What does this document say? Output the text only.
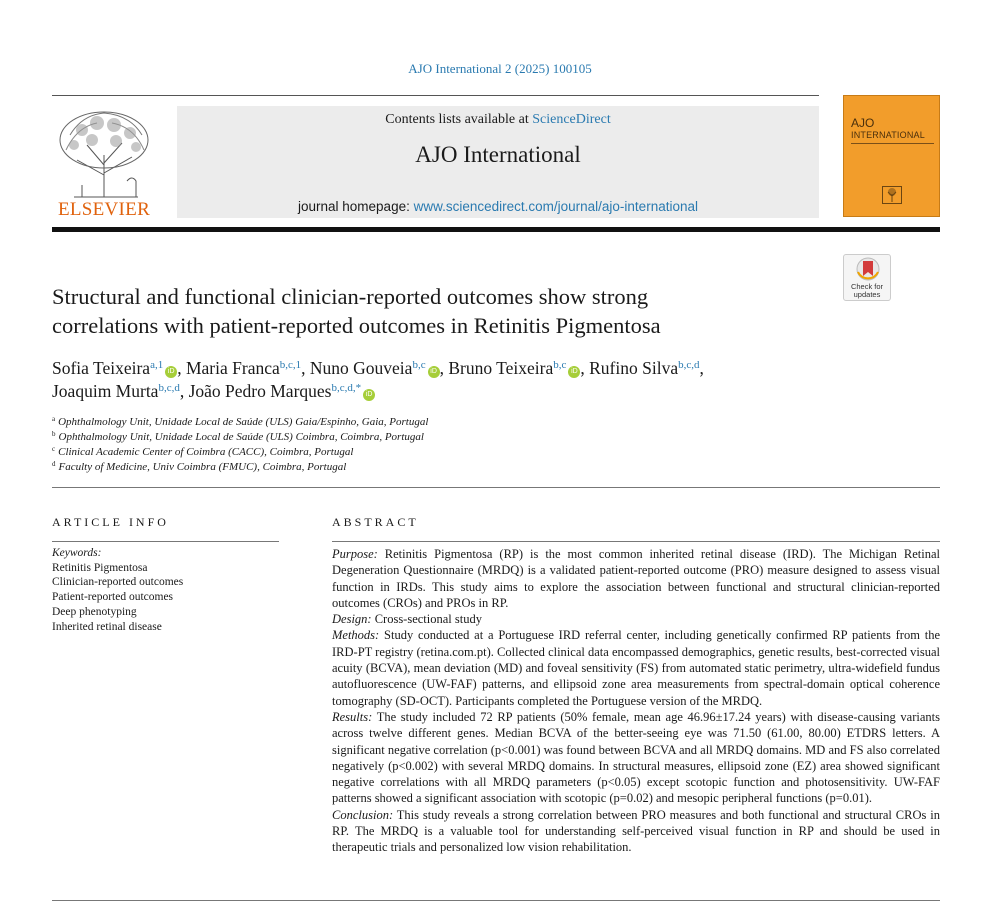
AJO International 2 (2025) 100105
ELSEVIER
Contents lists available at ScienceDirect
AJO International
journal homepage: www.sciencedirect.com/journal/ajo-international
AJO
INTERNATIONAL
Check for
updates
Structural and functional clinician-reported outcomes show strong
correlations with patient-reported outcomes in Retinitis Pigmentosa
Sofia Teixeira$^{a,1}$iD , Maria Franca$^{b,c,1}$, Nuno Gouveia$^{b,c}$iD , Bruno Teixeira$^{b,c}$iD , Rufino Silva$^{b,c,d}$,
Joaquim Murta$^{b,c,d}$, João Pedro Marques$^{b,c,d,*}$iD
$^a$ Ophthalmology Unit, Unidade Local de Saúde (ULS) Gaia/Espinho, Gaia, Portugal
$^b$ Ophthalmology Unit, Unidade Local de Saúde (ULS) Coimbra, Coimbra, Portugal
$^c$ Clinical Academic Center of Coimbra (CACC), Coimbra, Portugal
$^d$ Faculty of Medicine, Univ Coimbra (FMUC), Coimbra, Portugal
ARTICLE INFO	ABSTRACT
Keywords:
Retinitis Pigmentosa
Clinician-reported outcomes
Patient-reported outcomes
Deep phenotyping
Inherited retinal disease

Purpose: Retinitis Pigmentosa (RP) is the most common inherited retinal disease (IRD). The Michigan Retinal Degeneration Questionnaire (MRDQ) is a validated patient-reported outcome (PRO) measure designed to assess visual function in IRDs. This study aims to explore the association between functional and structural clinician-reported outcomes (CROs) and PROs in RP.

Design: Cross-sectional study

Methods: Study conducted at a Portuguese IRD referral center, including genetically confirmed RP patients from the IRD-PT registry (retina.com.pt). Collected clinical data encompassed demographics, genetic results, best-corrected visual acuity (BCVA), mean deviation (MD) and foveal sensitivity (FS) from automated static perimetry, ultra-widefield fundus autofluorescence (UW-FAF) patterns, and ellipsoid zone area measurements from spectral-domain optical coherence tomography (SD-OCT). Participants completed the Portuguese version of the MRDQ.

Results: The study included 72 RP patients (50% female, mean age 46.96±17.24 years) with disease-causing variants across twelve different genes. Median BCVA of the better-seeing eye was 71.50 (61.00, 80.00) ETDRS letters. A significant negative correlation (p<0.001) was found between BCVA and all MRDQ domains. MD and FS also correlated negatively (p<0.002) with several MRDQ domains. In structural measures, ellipsoid zone (EZ) area showed significant negative correlations with all MRDQ parameters (p<0.05) except scotopic function and photosensitivity. UW-FAF patterns showed a significant association with scotopic (p=0.02) and mesopic peripheral functions (p=0.01).

Conclusion: This study reveals a strong correlation between PRO measures and both functional and structural CROs in RP. The MRDQ is a valuable tool for understanding self-perceived visual function in RP and should be used in therapeutic trials and personalized low vision rehabilitation.
